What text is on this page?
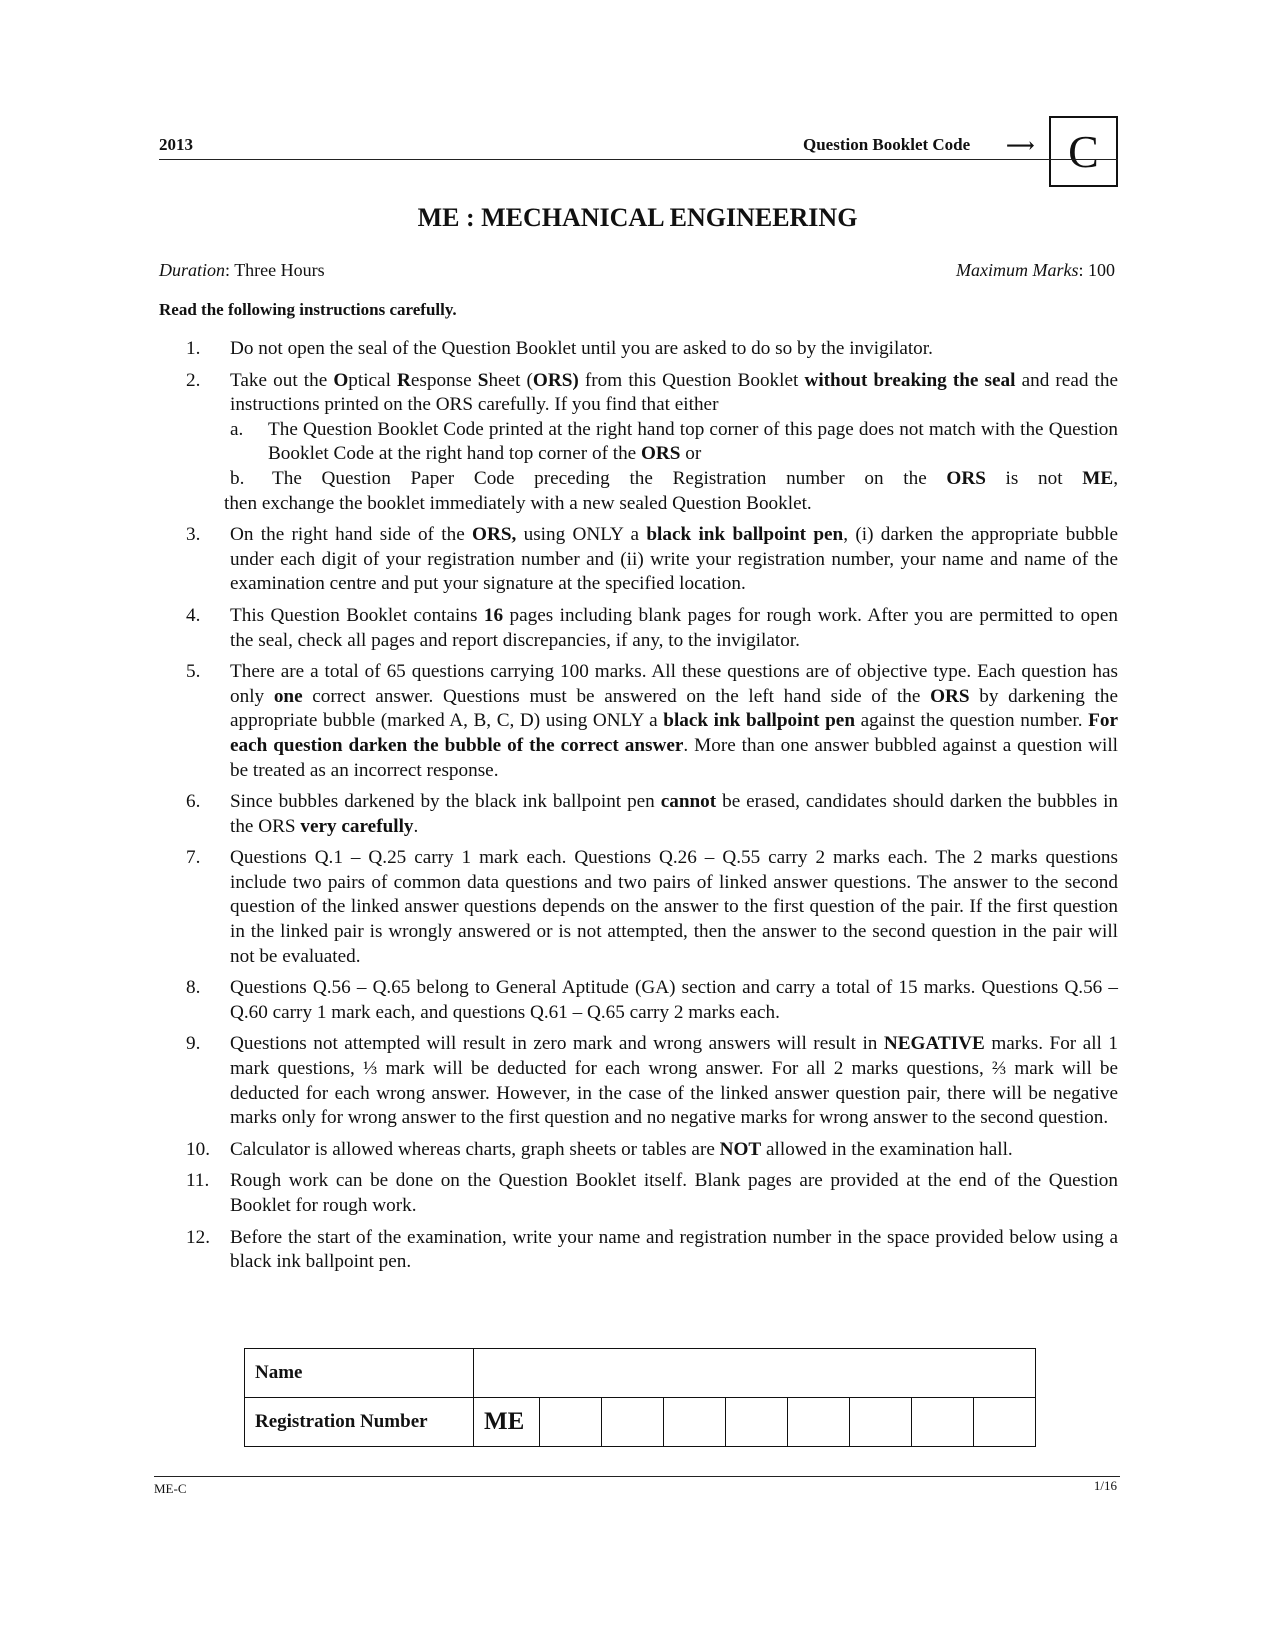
2013	Question Booklet Code ⟶ C
ME : MECHANICAL ENGINEERING
Duration: Three Hours	Maximum Marks: 100
Read the following instructions carefully.
1.	Do not open the seal of the Question Booklet until you are asked to do so by the invigilator.
2.	Take out the Optical Response Sheet (ORS) from this Question Booklet without breaking the seal and read the instructions printed on the ORS carefully. If you find that either
a.	The Question Booklet Code printed at the right hand top corner of this page does not match with the Question Booklet Code at the right hand top corner of the ORS or
b.	The Question Paper Code preceding the Registration number on the ORS is not ME,
then exchange the booklet immediately with a new sealed Question Booklet.
3.	On the right hand side of the ORS, using ONLY a black ink ballpoint pen, (i) darken the appropriate bubble under each digit of your registration number and (ii) write your registration number, your name and name of the examination centre and put your signature at the specified location.
4.	This Question Booklet contains 16 pages including blank pages for rough work. After you are permitted to open the seal, check all pages and report discrepancies, if any, to the invigilator.
5.	There are a total of 65 questions carrying 100 marks. All these questions are of objective type. Each question has only one correct answer. Questions must be answered on the left hand side of the ORS by darkening the appropriate bubble (marked A, B, C, D) using ONLY a black ink ballpoint pen against the question number. For each question darken the bubble of the correct answer. More than one answer bubbled against a question will be treated as an incorrect response.
6.	Since bubbles darkened by the black ink ballpoint pen cannot be erased, candidates should darken the bubbles in the ORS very carefully.
7.	Questions Q.1 – Q.25 carry 1 mark each. Questions Q.26 – Q.55 carry 2 marks each. The 2 marks questions include two pairs of common data questions and two pairs of linked answer questions. The answer to the second question of the linked answer questions depends on the answer to the first question of the pair. If the first question in the linked pair is wrongly answered or is not attempted, then the answer to the second question in the pair will not be evaluated.
8.	Questions Q.56 – Q.65 belong to General Aptitude (GA) section and carry a total of 15 marks. Questions Q.56 – Q.60 carry 1 mark each, and questions Q.61 – Q.65 carry 2 marks each.
9.	Questions not attempted will result in zero mark and wrong answers will result in NEGATIVE marks. For all 1 mark questions, ⅓ mark will be deducted for each wrong answer. For all 2 marks questions, ⅔ mark will be deducted for each wrong answer. However, in the case of the linked answer question pair, there will be negative marks only for wrong answer to the first question and no negative marks for wrong answer to the second question.
10.	Calculator is allowed whereas charts, graph sheets or tables are NOT allowed in the examination hall.
11.	Rough work can be done on the Question Booklet itself. Blank pages are provided at the end of the Question Booklet for rough work.
12.	Before the start of the examination, write your name and registration number in the space provided below using a black ink ballpoint pen.
Name									
Registration Number	ME								
ME-C	1/16
